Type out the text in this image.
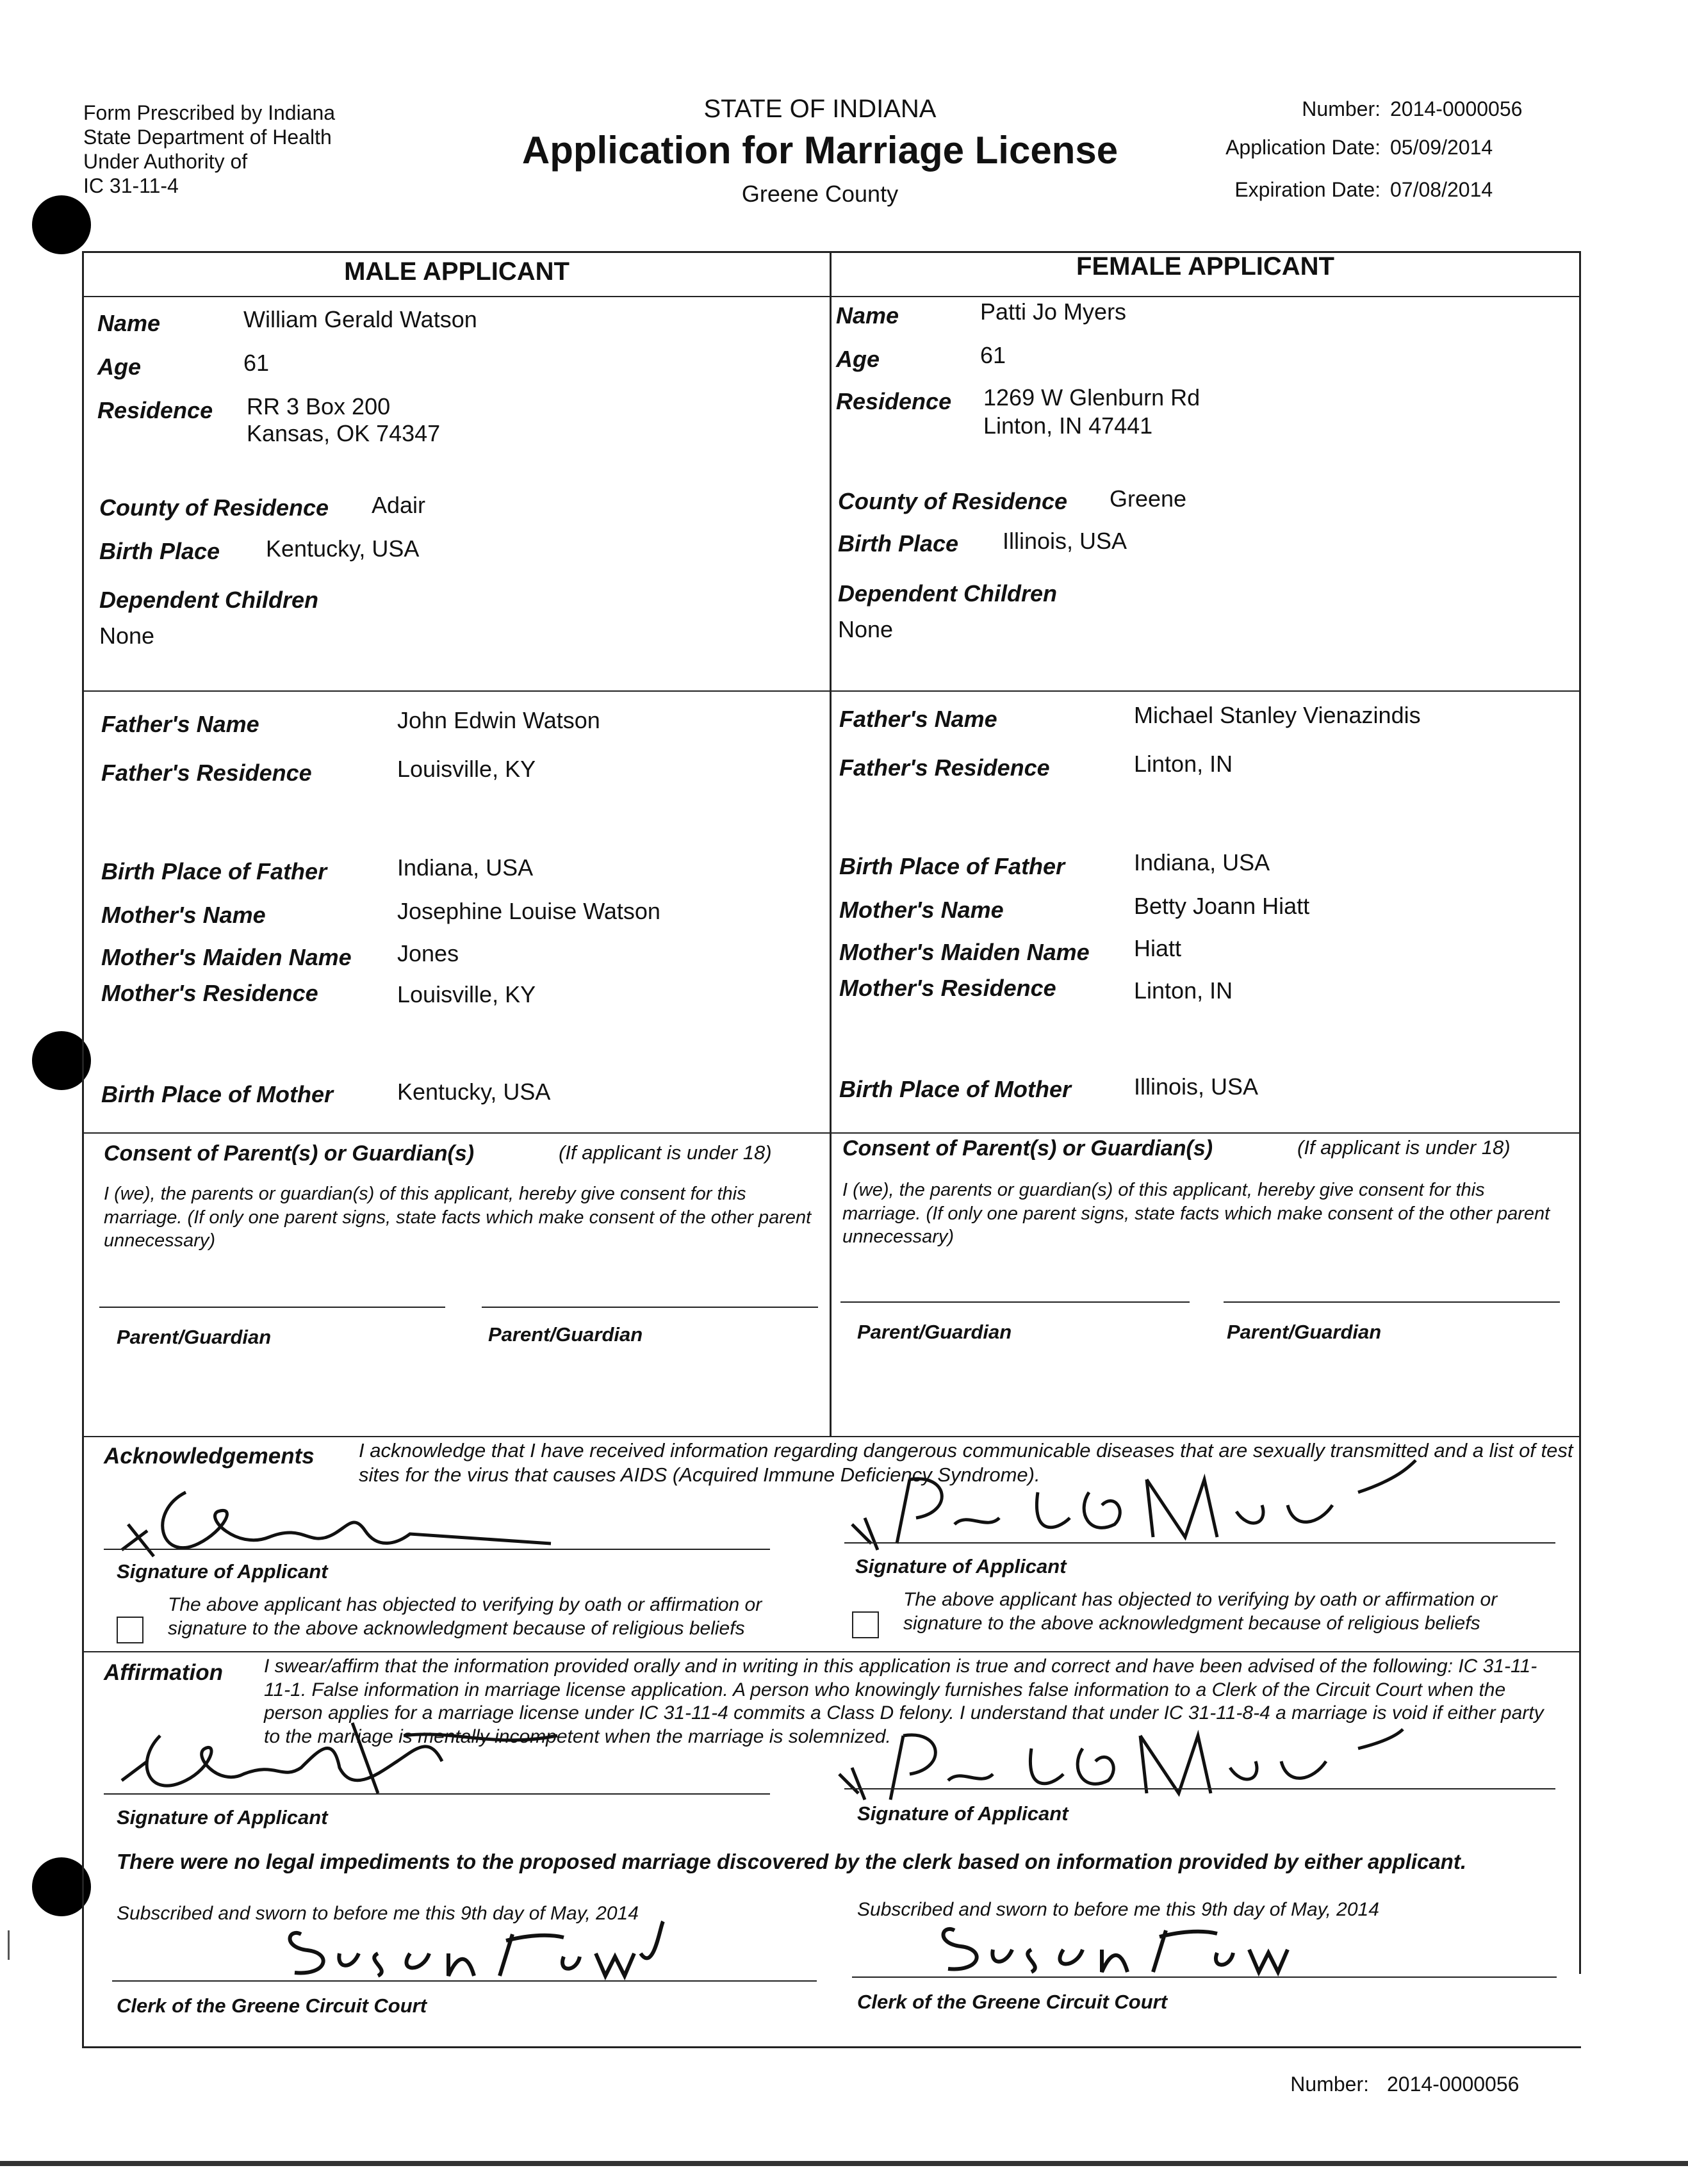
Form Prescribed by Indiana
State Department of Health
Under Authority of
IC 31-11-4
STATE OF INDIANA
Application for Marriage License
Greene County
Number: 2014-0000056
Application Date: 05/09/2014
Expiration Date: 07/08/2014
MALE APPLICANT	FEMALE APPLICANT
Name	William Gerald Watson
Age	61
Residence RR 3 Box 200
Kansas, OK 74347
County of Residence Adair
Birth Place Kentucky, USA
Dependent Children
None
Father's Name	John Edwin Watson
Father's Residence	Louisville, KY
Birth Place of Father	Indiana, USA
Mother's Name	Josephine Louise Watson
Mother's Maiden Name Jones
Mother's Residence	Louisville, KY
Birth Place of Mother	Kentucky, USA
Name	Patti Jo Myers
Age	61
Residence 1269 W Glenburn Rd
Linton, IN 47441
County of Residence Greene
Birth Place Illinois, USA
Dependent Children
None
Father's Name	Michael Stanley Vienazindis
Father's Residence	Linton, IN
Birth Place of Father	Indiana, USA
Mother's Name	Betty Joann Hiatt
Mother's Maiden Name Hiatt
Mother's Residence	Linton, IN
Birth Place of Mother	Illinois, USA
Consent of Parent(s) or Guardian(s)	(If applicant is under 18)
I (we), the parents or guardian(s) of this applicant, hereby give consent for this marriage. (If only one parent signs, state facts which make consent of the other parent unnecessary)
Parent/Guardian	Parent/Guardian
Consent of Parent(s) or Guardian(s)	(If applicant is under 18)
I (we), the parents or guardian(s) of this applicant, hereby give consent for this marriage. (If only one parent signs, state facts which make consent of the other parent unnecessary)
Parent/Guardian	Parent/Guardian
Acknowledgements I acknowledge that I have received information regarding dangerous communicable diseases that are sexually transmitted and a list of test sites for the virus that causes AIDS (Acquired Immune Deficiency Syndrome).
Signature of Applicant
The above applicant has objected to verifying by oath or affirmation or signature to the above acknowledgment because of religious beliefs
Signature of Applicant
The above applicant has objected to verifying by oath or affirmation or signature to the above acknowledgment because of religious beliefs
Affirmation I swear/affirm that the information provided orally and in writing in this application is true and correct and have been advised of the following: IC 31-11-11-1. False information in marriage license application. A person who knowingly furnishes false information to a Clerk of the Circuit Court when the person applies for a marriage license under IC 31-11-4 commits a Class D felony. I understand that under IC 31-11-8-4 a marriage is void if either party to the marriage is mentally incompetent when the marriage is solemnized.
Signature of Applicant	Signature of Applicant
There were no legal impediments to the proposed marriage discovered by the clerk based on information provided by either applicant.
Subscribed and sworn to before me this 9th day of May, 2014
Clerk of the Greene Circuit Court
Subscribed and sworn to before me this 9th day of May, 2014
Clerk of the Greene Circuit Court
Number: 2014-0000056
